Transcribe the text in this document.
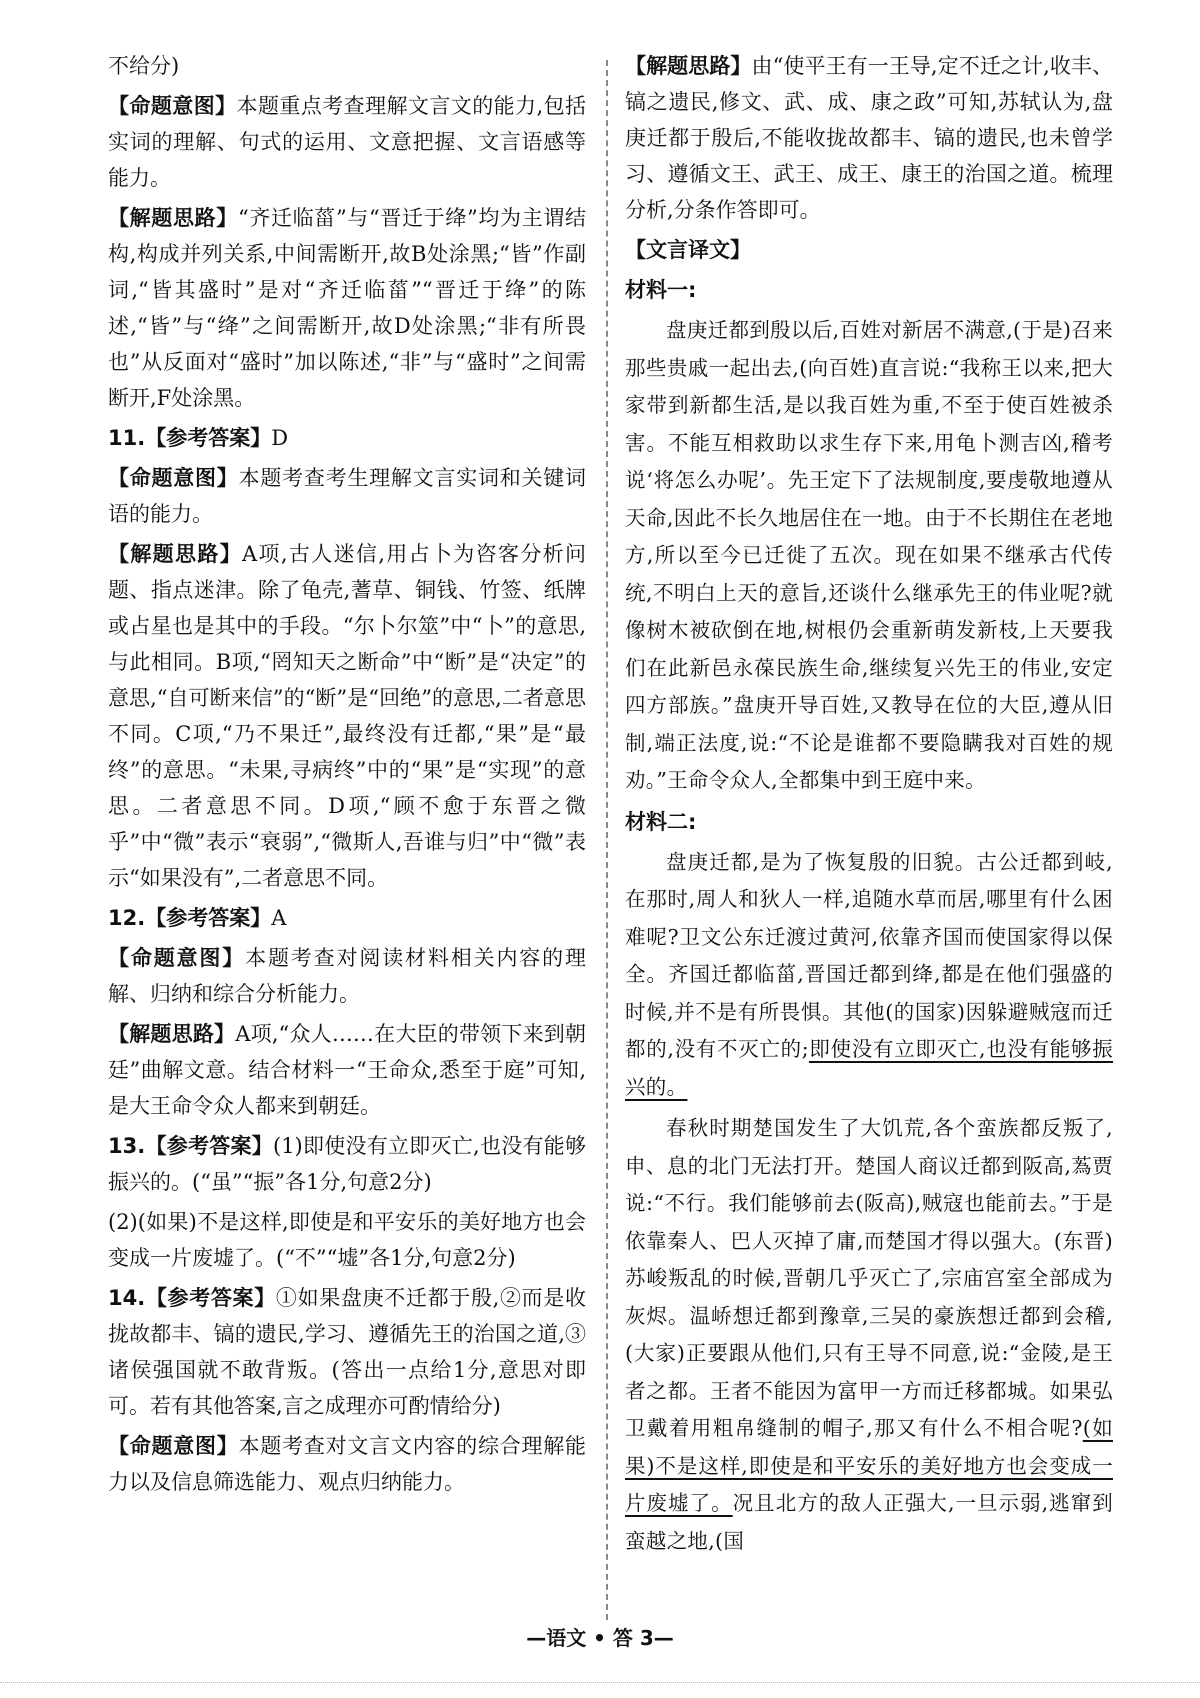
不给分)

【命题意图】本题重点考查理解文言文的能力,包括实词的理解、句式的运用、文意把握、文言语感等能力。

【解题思路】“齐迁临菑”与“晋迁于绛”均为主谓结构,构成并列关系,中间需断开,故B处涂黑;“皆”作副词,“皆其盛时”是对“齐迁临菑”“晋迁于绛”的陈述,“皆”与“绛”之间需断开,故D处涂黑;“非有所畏也”从反面对“盛时”加以陈述,“非”与“盛时”之间需断开,F处涂黑。

11.【参考答案】D

【命题意图】本题考查考生理解文言实词和关键词语的能力。

【解题思路】A项,古人迷信,用占卜为咨客分析问题、指点迷津。除了龟壳,蓍草、铜钱、竹签、纸牌或占星也是其中的手段。“尔卜尔筮”中“卜”的意思,与此相同。B项,“罔知天之断命”中“断”是“决定”的意思,“自可断来信”的“断”是“回绝”的意思,二者意思不同。C项,“乃不果迁”,最终没有迁都,“果”是“最终”的意思。“未果,寻病终”中的“果”是“实现”的意思。二者意思不同。D项,“顾不愈于东晋之微乎”中“微”表示“衰弱”,“微斯人,吾谁与归”中“微”表示“如果没有”,二者意思不同。

12.【参考答案】A

【命题意图】本题考查对阅读材料相关内容的理解、归纳和综合分析能力。

【解题思路】A项,“众人……在大臣的带领下来到朝廷”曲解文意。结合材料一“王命众,悉至于庭”可知,是大王命令众人都来到朝廷。

13.【参考答案】(1)即使没有立即灭亡,也没有能够振兴的。(“虽”“振”各1分,句意2分)

(2)(如果)不是这样,即使是和平安乐的美好地方也会变成一片废墟了。(“不”“墟”各1分,句意2分)

14.【参考答案】①如果盘庚不迁都于殷,②而是收拢故都丰、镐的遗民,学习、遵循先王的治国之道,③诸侯强国就不敢背叛。(答出一点给1分,意思对即可。若有其他答案,言之成理亦可酌情给分)

【命题意图】本题考查对文言文内容的综合理解能力以及信息筛选能力、观点归纳能力。

【解题思路】由“使平王有一王导,定不迁之计,收丰、镐之遗民,修文、武、成、康之政”可知,苏轼认为,盘庚迁都于殷后,不能收拢故都丰、镐的遗民,也未曾学习、遵循文王、武王、成王、康王的治国之道。梳理分析,分条作答即可。

【文言译文】

材料一:

盘庚迁都到殷以后,百姓对新居不满意,(于是)召来那些贵戚一起出去,(向百姓)直言说:“我称王以来,把大家带到新都生活,是以我百姓为重,不至于使百姓被杀害。不能互相救助以求生存下来,用龟卜测吉凶,稽考说‘将怎么办呢’。先王定下了法规制度,要虔敬地遵从天命,因此不长久地居住在一地。由于不长期住在老地方,所以至今已迁徙了五次。现在如果不继承古代传统,不明白上天的意旨,还谈什么继承先王的伟业呢?就像树木被砍倒在地,树根仍会重新萌发新枝,上天要我们在此新邑永葆民族生命,继续复兴先王的伟业,安定四方部族。”盘庚开导百姓,又教导在位的大臣,遵从旧制,端正法度,说:“不论是谁都不要隐瞒我对百姓的规劝。”王命令众人,全都集中到王庭中来。

材料二:

盘庚迁都,是为了恢复殷的旧貌。古公迁都到岐,在那时,周人和狄人一样,追随水草而居,哪里有什么困难呢?卫文公东迁渡过黄河,依靠齐国而使国家得以保全。齐国迁都临菑,晋国迁都到绛,都是在他们强盛的时候,并不是有所畏惧。其他(的国家)因躲避贼寇而迁都的,没有不灭亡的;即使没有立即灭亡,也没有能够振兴的。

春秋时期楚国发生了大饥荒,各个蛮族都反叛了,申、息的北门无法打开。楚国人商议迁都到阪高,蒍贾说:“不行。我们能够前去(阪高),贼寇也能前去。”于是依靠秦人、巴人灭掉了庸,而楚国才得以强大。(东晋)苏峻叛乱的时候,晋朝几乎灭亡了,宗庙宫室全部成为灰烬。温峤想迁都到豫章,三吴的豪族想迁都到会稽,(大家)正要跟从他们,只有王导不同意,说:“金陵,是王者之都。王者不能因为富甲一方而迁移都城。如果弘卫戴着用粗帛缝制的帽子,那又有什么不相合呢?(如果)不是这样,即使是和平安乐的美好地方也会变成一片废墟了。况且北方的敌人正强大,一旦示弱,逃窜到蛮越之地,(国

—语文 • 答 3—
